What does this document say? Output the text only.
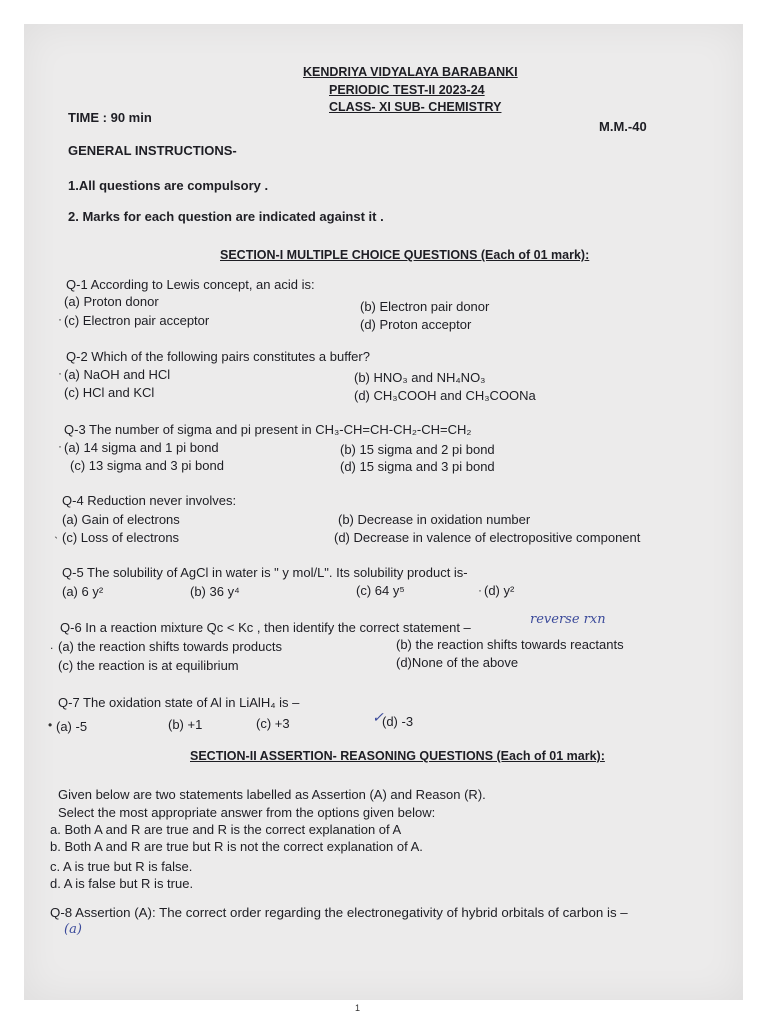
KENDRIYA VIDYALAYA BARABANKI
PERIODIC TEST-II 2023-24
CLASS- XI SUB- CHEMISTRY
TIME : 90 min
M.M.-40
GENERAL INSTRUCTIONS-
1.All questions are compulsory .
2. Marks for each question are indicated against it .
SECTION-I MULTIPLE CHOICE QUESTIONS (Each of 01 mark):
Q-1 According to Lewis concept, an acid is:
(a) Proton donor	(b) Electron pair donor
· (c) Electron pair acceptor	(d) Proton acceptor
Q-2 Which of the following pairs constitutes a buffer?
· (a) NaOH and HCl	(b) HNO₃ and NH₄NO₃
(c) HCl and KCl	(d) CH₃COOH and CH₃COONa
Q-3 The number of sigma and pi present in CH₃-CH=CH-CH₂-CH=CH₂
· (a) 14 sigma and 1 pi bond	(b) 15 sigma and 2 pi bond
(c) 13 sigma and 3 pi bond	(d) 15 sigma and 3 pi bond
Q-4 Reduction never involves:
(a) Gain of electrons	(b) Decrease in oxidation number
˴ (c) Loss of electrons	(d) Decrease in valence of electropositive component
Q-5 The solubility of AgCl in water is " y mol/L". Its solubility product is-
(a) 6 y²	(b) 36 y⁴	(c) 64 y⁵	· (d) y²
Q-6 In a reaction mixture Qc < Kc , then identify the correct statement –
reverse rxn
. (a) the reaction shifts towards products	(b) the reaction shifts towards reactants
(c) the reaction is at equilibrium	(d)None of the above
Q-7 The oxidation state of Al in LiAlH₄ is –
• (a) -5	(b) +1	(c) +3	✓
(d) -3
SECTION-II ASSERTION- REASONING QUESTIONS (Each of 01 mark):
Given below are two statements labelled as Assertion (A) and Reason (R).
Select the most appropriate answer from the options given below:
a. Both A and R are true and R is the correct explanation of A
b. Both A and R are true but R is not the correct explanation of A.
c. A is true but R is false.
d. A is false but R is true.
Q-8 Assertion (A): The correct order regarding the electronegativity of hybrid orbitals of carbon is –
(a)
1
